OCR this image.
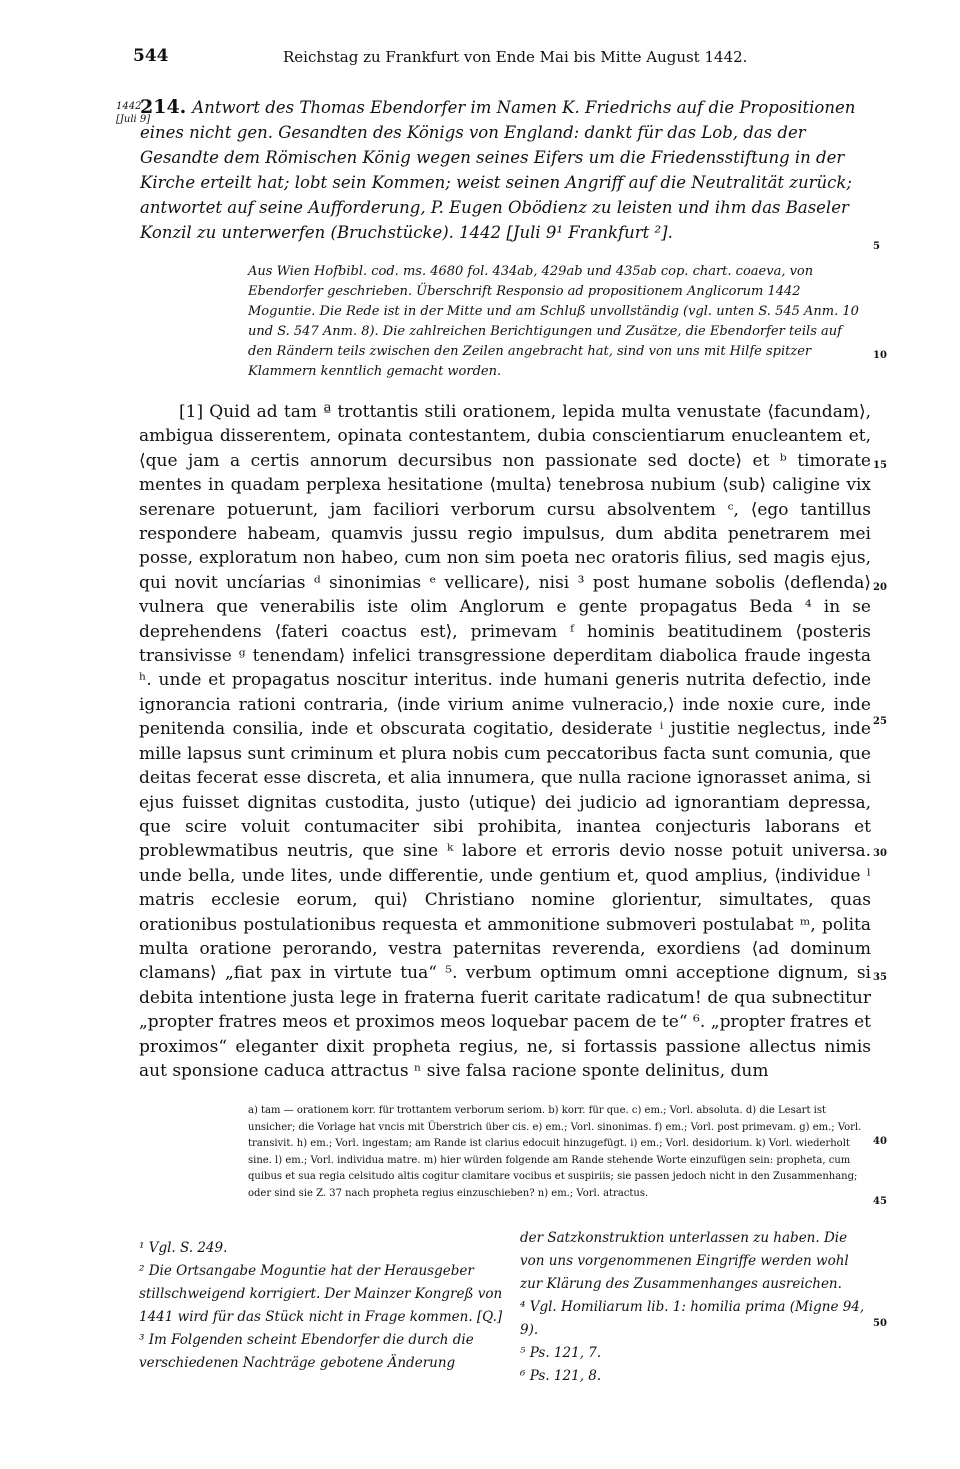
544	Reichstag zu Frankfurt von Ende Mai bis Mitte August 1442.
1442
[Juli 9]
214. Antwort des Thomas Ebendorfer im Namen K. Friedrichs auf die Propositionen eines nicht gen. Gesandten des Königs von England: dankt für das Lob, das der Gesandte dem Römischen König wegen seines Eifers um die Friedensstiftung in der Kirche erteilt hat; lobt sein Kommen; weist seinen Angriff auf die Neutralität zurück; antwortet auf seine Aufforderung, P. Eugen Obödienz zu leisten und ihm das Baseler Konzil zu unterwerfen (Bruchstücke). 1442 [Juli 9¹ Frankfurt ²].
Aus Wien Hofbibl. cod. ms. 4680 fol. 434ab, 429ab und 435ab cop. chart. coaeva, von Ebendorfer geschrieben. Überschrift Responsio ad propositionem Anglicorum 1442 Moguntie. Die Rede ist in der Mitte und am Schluß unvollständig (vgl. unten S. 545 Anm. 10 und S. 547 Anm. 8). Die zahlreichen Berichtigungen und Zusätze, die Ebendorfer teils auf den Rändern teils zwischen den Zeilen angebracht hat, sind von uns mit Hilfe spitzer Klammern kenntlich gemacht worden.

[1] Quid ad tam ª trottantis stili orationem, lepida multa venustate ⟨facundam⟩, ambigua disserentem, opinata contestantem, dubia conscientiarum enucleantem et, ⟨que jam a certis annorum decursibus non passionate sed docte⟩ et ᵇ timorate mentes in quadam perplexa hesitatione ⟨multa⟩ tenebrosa nubium ⟨sub⟩ caligine vix serenare potuerunt, jam faciliori verborum cursu absolventem ᶜ, ⟨ego tantillus respondere habeam, quamvis jussu regio impulsus, dum abdita penetrarem mei posse, exploratum non habeo, cum non sim poeta nec oratoris filius, sed magis ejus, qui novit uncíarias ᵈ sinonimias ᵉ vellicare⟩, nisi ³ post humane sobolis ⟨deflenda⟩ vulnera que venerabilis iste olim Anglorum e gente propagatus Beda ⁴ in se deprehendens ⟨fateri coactus est⟩, primevam ᶠ hominis beatitudinem ⟨posteris transivisse ᵍ tenendam⟩ infelici transgressione deperditam diabolica fraude ingesta ʰ. unde et propagatus noscitur interitus. inde humani generis nutrita defectio, inde ignorancia rationi contraria, ⟨inde virium anime vulneracio,⟩ inde noxie cure, inde penitenda consilia, inde et obscurata cogitatio, desiderate ⁱ justitie neglectus, inde mille lapsus sunt criminum et plura nobis cum peccatoribus facta sunt comunia, que deitas fecerat esse discreta, et alia innumera, que nulla racione ignorasset anima, si ejus fuisset dignitas custodita, justo ⟨utique⟩ dei judicio ad ignorantiam depressa, que scire voluit contumaciter sibi prohibita, inantea conjecturis laborans et problewmatibus neutris, que sine ᵏ labore et erroris devio nosse potuit universa. unde bella, unde lites, unde differentie, unde gentium et, quod amplius, ⟨individue ˡ matris ecclesie eorum, qui⟩ Christiano nomine glorientur, simultates, quas orationibus postulationibus requesta et ammonitione submoveri postulabat ᵐ, polita multa oratione perorando, vestra paternitas reverenda, exordiens ⟨ad dominum clamans⟩ „fiat pax in virtute tua“ ⁵. verbum optimum omni acceptione dignum, si debita intentione justa lege in fraterna fuerit caritate radicatum! de qua subnectitur „propter fratres meos et proximos meos loquebar pacem de te“ ⁶. „propter fratres et proximos“ eleganter dixit propheta regius, ne, si fortassis passione allectus nimis aut sponsione caduca attractus ⁿ sive falsa racione sponte delinitus, dum

a) tam — orationem korr. für trottantem verborum seriom. b) korr. für que. c) em.; Vorl. absoluta. d) die Lesart ist unsicher; die Vorlage hat vncis mit Überstrich über cis. e) em.; Vorl. sinonimas. f) em.; Vorl. post primevam. g) em.; Vorl. transivit. h) em.; Vorl. ingestam; am Rande ist clarius edocuit hinzugefügt. i) em.; Vorl. desidorium. k) Vorl. wiederholt sine. l) em.; Vorl. individua matre. m) hier würden folgende am Rande stehende Worte einzufügen sein: propheta, cum quibus et sua regia celsitudo altis cogitur clamitare vocibus et suspiriis; sie passen jedoch nicht in den Zusammenhang; oder sind sie Z. 37 nach propheta regius einzuschieben? n) em.; Vorl. atractus.

¹ Vgl. S. 249.

² Die Ortsangabe Moguntie hat der Herausgeber stillschweigend korrigiert. Der Mainzer Kongreß von 1441 wird für das Stück nicht in Frage kommen. [Q.]

³ Im Folgenden scheint Ebendorfer die durch die verschiedenen Nachträge gebotene Änderung

der Satzkonstruktion unterlassen zu haben. Die von uns vorgenommenen Eingriffe werden wohl zur Klärung des Zusammenhanges ausreichen.

⁴ Vgl. Homiliarum lib. 1: homilia prima (Migne 94, 9).

⁵ Ps. 121, 7.

⁶ Ps. 121, 8.

5
10
15
20
25
30
35
40
45
50
